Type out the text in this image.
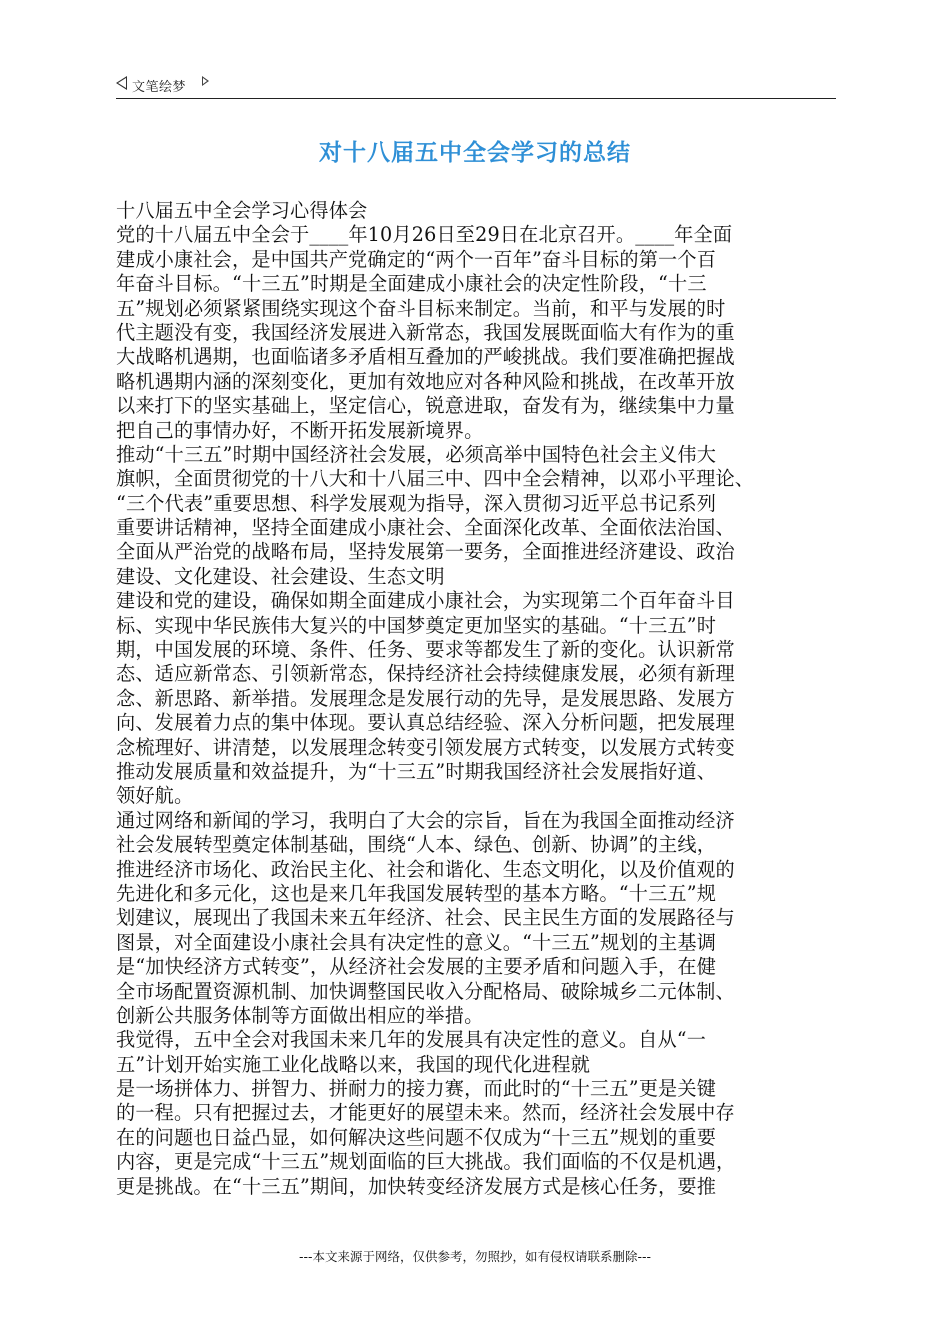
文笔绘梦
对十八届五中全会学习的总结
十八届五中全会学习心得体会
党的十八届五中全会于____年10月26日至29日在北京召开。____年全面
建成小康社会，是中国共产党确定的“两个一百年”奋斗目标的第一个百
年奋斗目标。“十三五”时期是全面建成小康社会的决定性阶段，“十三
五”规划必须紧紧围绕实现这个奋斗目标来制定。当前，和平与发展的时
代主题没有变，我国经济发展进入新常态，我国发展既面临大有作为的重
大战略机遇期，也面临诸多矛盾相互叠加的严峻挑战。我们要准确把握战
略机遇期内涵的深刻变化，更加有效地应对各种风险和挑战，在改革开放
以来打下的坚实基础上，坚定信心，锐意进取，奋发有为，继续集中力量
把自己的事情办好，不断开拓发展新境界。
推动“十三五”时期中国经济社会发展，必须高举中国特色社会主义伟大
旗帜，全面贯彻党的十八大和十八届三中、四中全会精神，以邓小平理论、
“三个代表”重要思想、科学发展观为指导，深入贯彻习近平总书记系列
重要讲话精神，坚持全面建成小康社会、全面深化改革、全面依法治国、
全面从严治党的战略布局，坚持发展第一要务，全面推进经济建设、政治
建设、文化建设、社会建设、生态文明
建设和党的建设，确保如期全面建成小康社会，为实现第二个百年奋斗目
标、实现中华民族伟大复兴的中国梦奠定更加坚实的基础。“十三五”时
期，中国发展的环境、条件、任务、要求等都发生了新的变化。认识新常
态、适应新常态、引领新常态，保持经济社会持续健康发展，必须有新理
念、新思路、新举措。发展理念是发展行动的先导，是发展思路、发展方
向、发展着力点的集中体现。要认真总结经验、深入分析问题，把发展理
念梳理好、讲清楚，以发展理念转变引领发展方式转变，以发展方式转变
推动发展质量和效益提升，为“十三五”时期我国经济社会发展指好道、
领好航。
通过网络和新闻的学习，我明白了大会的宗旨，旨在为我国全面推动经济
社会发展转型奠定体制基础，围绕“人本、绿色、创新、协调”的主线，
推进经济市场化、政治民主化、社会和谐化、生态文明化，以及价值观的
先进化和多元化，这也是来几年我国发展转型的基本方略。“十三五”规
划建议，展现出了我国未来五年经济、社会、民主民生方面的发展路径与
图景，对全面建设小康社会具有决定性的意义。“十三五”规划的主基调
是“加快经济方式转变”，从经济社会发展的主要矛盾和问题入手，在健
全市场配置资源机制、加快调整国民收入分配格局、破除城乡二元体制、
创新公共服务体制等方面做出相应的举措。
我觉得，五中全会对我国未来几年的发展具有决定性的意义。自从“一
五”计划开始实施工业化战略以来，我国的现代化进程就
是一场拼体力、拼智力、拼耐力的接力赛，而此时的“十三五”更是关键
的一程。只有把握过去，才能更好的展望未来。然而，经济社会发展中存
在的问题也日益凸显，如何解决这些问题不仅成为“十三五”规划的重要
内容，更是完成“十三五”规划面临的巨大挑战。我们面临的不仅是机遇，
更是挑战。在“十三五”期间，加快转变经济发展方式是核心任务，要推
---本文来源于网络，仅供参考，勿照抄，如有侵权请联系删除---
